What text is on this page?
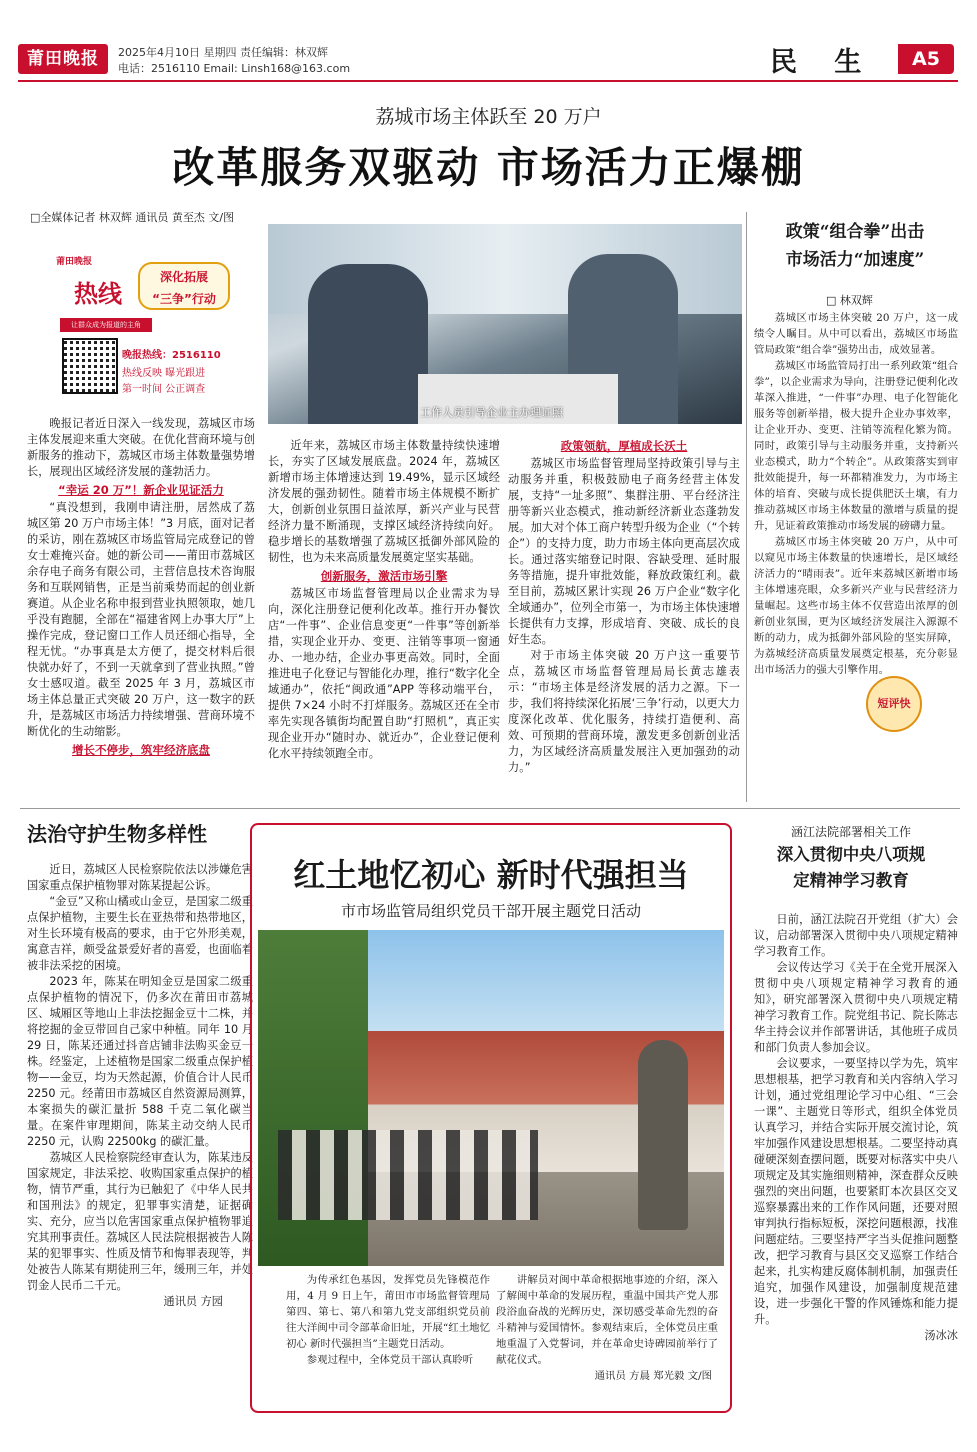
莆田晚报	2025年4月10日 星期四 责任编辑：林双辉
电话：2516110 Email: Linsh168@163.com	民 生	A5
荔城市场主体跃至 20 万户
改革服务双驱动 市场活力正爆棚
□全媒体记者 林双辉 通讯员 黄至杰 文/图
莆田晚报
热线
深化拓展
“三争”行动
让群众成为报道的主角
晚报热线：2516110
热线反映 曝光跟进
第一时间 公正调查
工作人员引导企业主办理证照

晚报记者近日深入一线发现，荔城区市场主体发展迎来重大突破。在优化营商环境与创新服务的推动下，荔城区市场主体数量强势增长，展现出区域经济发展的蓬勃活力。

“幸运 20 万”！新企业见证活力

“真没想到，我刚申请注册，居然成了荔城区第 20 万户市场主体！”3 月底，面对记者的采访，刚在荔城区市场监管局完成登记的曾女士难掩兴奋。她的新公司——莆田市荔城区余存电子商务有限公司，主营信息技术咨询服务和互联网销售，正是当前乘势而起的创业新赛道。从企业名称申报到营业执照领取，她几乎没有跑腿，全部在“福建省网上办事大厅”上操作完成，登记窗口工作人员还细心指导，全程无忧。“办事真是太方便了，提交材料后很快就办好了，不到一天就拿到了营业执照。”曾女士感叹道。截至 2025 年 3 月，荔城区市场主体总量正式突破 20 万户，这一数字的跃升，是荔城区市场活力持续增强、营商环境不断优化的生动缩影。

增长不停步，筑牢经济底盘

近年来，荔城区市场主体数量持续快速增长，夯实了区域发展底盘。2024 年，荔城区新增市场主体增速达到 19.49%，显示区域经济发展的强劲韧性。随着市场主体规模不断扩大，创新创业氛围日益浓厚，新兴产业与民营经济力量不断涌现，支撑区域经济持续向好。稳步增长的基数增强了荔城区抵御外部风险的韧性，也为未来高质量发展奠定坚实基础。

创新服务，激活市场引擎

荔城区市场监督管理局以企业需求为导向，深化注册登记便利化改革。推行开办餐饮店“一件事”、企业信息变更“一件事”等创新举措，实现企业开办、变更、注销等事项一窗通办、一地办结，企业办事更高效。同时，全面推进电子化登记与智能化办理，推行“数字化全域通办”，依托“闽政通”APP 等移动端平台，提供 7×24 小时不打烊服务。荔城区还在全市率先实现各镇街均配置自助“打照机”，真正实现企业开办“随时办、就近办”，企业登记便利化水平持续领跑全市。

政策领航，厚植成长沃土

荔城区市场监督管理局坚持政策引导与主动服务并重，积极鼓励电子商务经营主体发展，支持“一址多照”、集群注册、平台经济注册等新兴业态模式，推动新经济新业态蓬勃发展。加大对个体工商户转型升级为企业（“个转企”）的支持力度，助力市场主体向更高层次成长。通过落实缩登记时限、容缺受理、延时服务等措施，提升审批效能，释放政策红利。截至目前，荔城区累计实现 26 万户企业“数字化全域通办”，位列全市第一，为市场主体快速增长提供有力支撑，形成培育、突破、成长的良好生态。

对于市场主体突破 20 万户这一重要节点，荔城区市场监督管理局局长黄志雄表示：“市场主体是经济发展的活力之源。下一步，我们将持续深化拓展‘三争’行动，以更大力度深化改革、优化服务，持续打造便利、高效、可预期的营商环境，激发更多创新创业活力，为区域经济高质量发展注入更加强劲的动力。”

政策“组合拳”出击
市场活力“加速度”
□ 林双辉

荔城区市场主体突破 20 万户，这一成绩令人瞩目。从中可以看出，荔城区市场监管局政策“组合拳”强势出击，成效显著。

荔城区市场监管局打出一系列政策“组合拳”，以企业需求为导向，注册登记便利化改革深入推进，“一件事”办理、电子化智能化服务等创新举措，极大提升企业办事效率，让企业开办、变更、注销等流程化繁为简。同时，政策引导与主动服务并重，支持新兴业态模式，助力“个转企”。从政策落实到审批效能提升，每一环都精准发力，为市场主体的培育、突破与成长提供肥沃土壤，有力推动荔城区市场主体数量的激增与质量的提升，见证着政策推动市场发展的磅礴力量。

荔城区市场主体突破 20 万户，从中可以窥见市场主体数量的快速增长，是区域经济活力的“晴雨表”。近年来荔城区新增市场主体增速亮眼，众多新兴产业与民营经济力量崛起。这些市场主体不仅营造出浓厚的创新创业氛围，更为区域经济发展注入源源不断的动力，成为抵御外部风险的坚实屏障，为荔城经济高质量发展奠定根基，充分彰显出市场活力的强大引擎作用。

短评快
法治守护生物多样性

近日，荔城区人民检察院依法以涉嫌危害国家重点保护植物罪对陈某提起公诉。

“金豆”又称山橘或山金豆，是国家二级重点保护植物，主要生长在亚热带和热带地区，对生长环境有极高的要求，由于它外形美观，寓意吉祥，颇受盆景爱好者的喜爱，也面临着被非法采挖的困境。

2023 年，陈某在明知金豆是国家二级重点保护植物的情况下，仍多次在莆田市荔城区、城厢区等地山上非法挖掘金豆十二株，并将挖掘的金豆带回自己家中种植。同年 10 月 29 日，陈某还通过抖音店铺非法购买金豆一株。经鉴定，上述植物是国家二级重点保护植物——金豆，均为天然起源，价值合计人民币 2250 元。经莆田市荔城区自然资源局测算，本案损失的碳汇量折 588 千克二氧化碳当量。在案件审理期间，陈某主动交纳人民币 2250 元，认购 22500kg 的碳汇量。

荔城区人民检察院经审查认为，陈某违反国家规定，非法采挖、收购国家重点保护的植物，情节严重，其行为已触犯了《中华人民共和国刑法》的规定，犯罪事实清楚，证据确实、充分，应当以危害国家重点保护植物罪追究其刑事责任。荔城区人民法院根据被告人陈某的犯罪事实、性质及情节和悔罪表现等，判处被告人陈某有期徒刑三年，缓刑三年，并处罚金人民币二千元。

通讯员 方园
红土地忆初心 新时代强担当
市市场监管局组织党员干部开展主题党日活动

为传承红色基因，发挥党员先锋模范作用，4 月 9 日上午，莆田市市场监督管理局第四、第七、第八和第九党支部组织党员前往大洋闽中司令部革命旧址，开展“红土地忆初心 新时代强担当”主题党日活动。

参观过程中，全体党员干部认真聆听

讲解员对闽中革命根据地事迹的介绍，深入了解闽中革命的发展历程，重温中国共产党人那段浴血奋战的光辉历史，深切感受革命先烈的奋斗精神与爱国情怀。参观结束后，全体党员庄重地重温了入党誓词，并在革命史诗碑园前举行了献花仪式。

通讯员 方晨 郑光毅 文/图
涵江法院部署相关工作
深入贯彻中央八项规
定精神学习教育

日前，涵江法院召开党组（扩大）会议，启动部署深入贯彻中央八项规定精神学习教育工作。

会议传达学习《关于在全党开展深入贯彻中央八项规定精神学习教育的通知》，研究部署深入贯彻中央八项规定精神学习教育工作。院党组书记、院长陈志华主持会议并作部署讲话，其他班子成员和部门负责人参加会议。

会议要求，一要坚持以学为先，筑牢思想根基，把学习教育和关内容纳入学习计划，通过党组理论学习中心组、“三会一课”、主题党日等形式，组织全体党员认真学习，并结合实际开展交流讨论，筑牢加强作风建设思想根基。二要坚持动真碰硬深刻查摆问题，既要对标落实中央八项规定及其实施细则精神，深查群众反映强烈的突出问题，也要紧盯本次县区交叉巡察暴露出来的工作作风问题，还要对照审判执行指标短板，深挖问题根源，找准问题症结。三要坚持严字当头促推问题整改，把学习教育与县区交叉巡察工作结合起来，扎实构建反腐体制机制，加强责任追究，加强作风建设，加强制度规范建设，进一步强化干警的作风锤炼和能力提升。

汤冰冰
